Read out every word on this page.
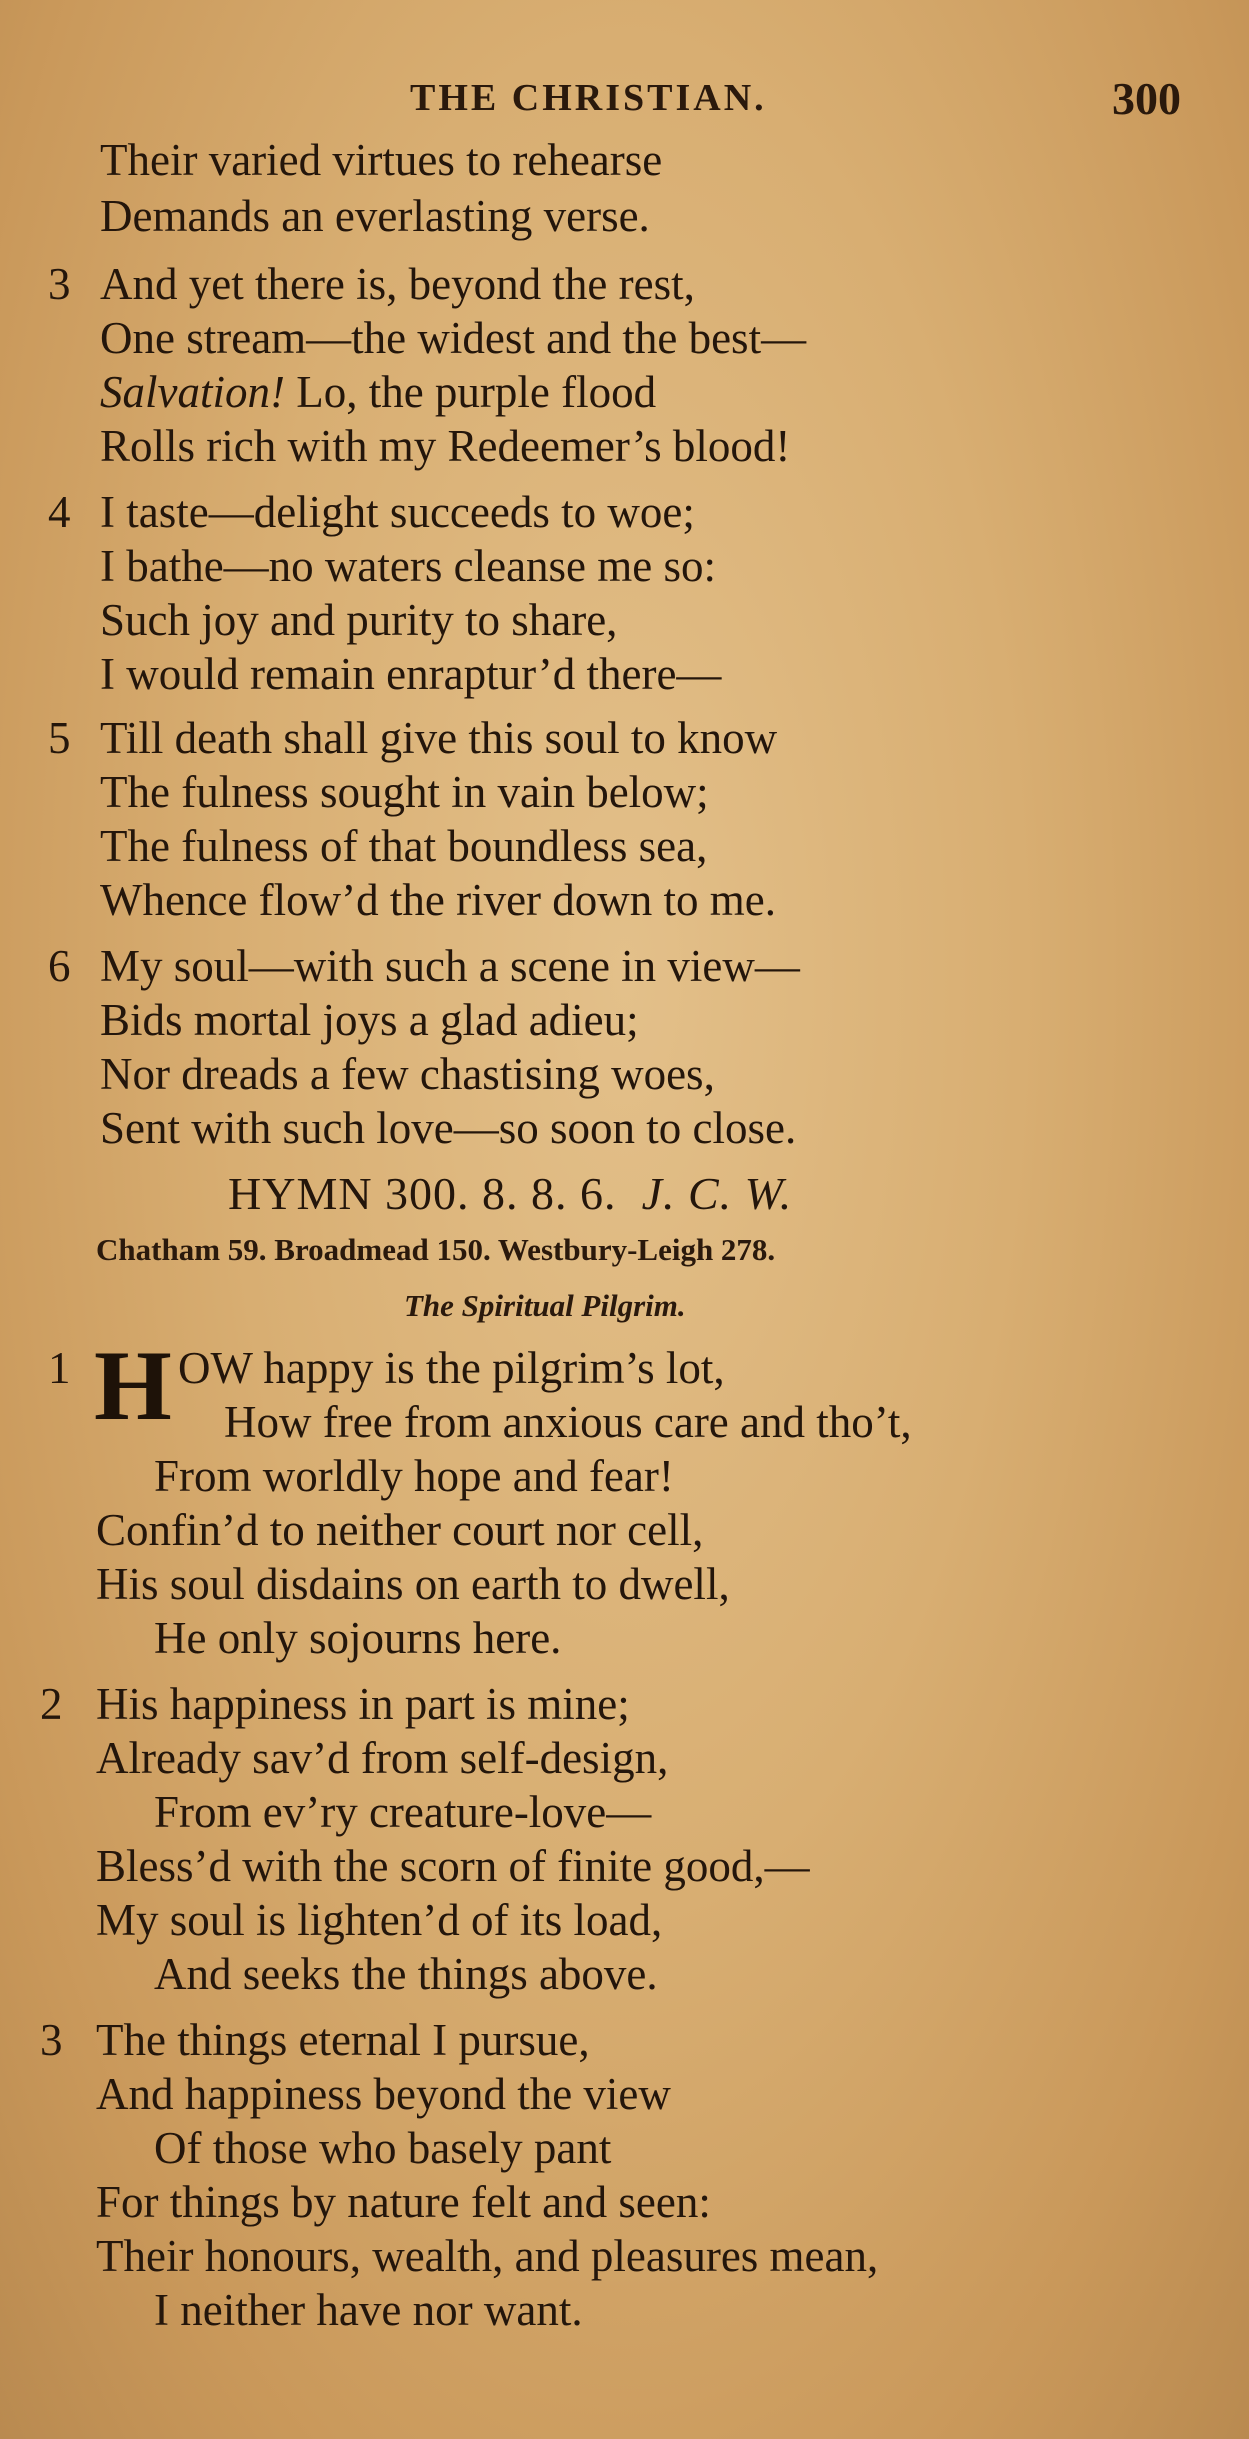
THE CHRISTIAN.	300
Their varied virtues to rehearse
Demands an everlasting verse.
3 And yet there is, beyond the rest,
One stream—the widest and the best—
Salvation! Lo, the purple flood
Rolls rich with my Redeemer’s blood!
4 I taste—delight succeeds to woe;
I bathe—no waters cleanse me so:
Such joy and purity to share,
I would remain enraptur’d there—
5 Till death shall give this soul to know
The fulness sought in vain below;
The fulness of that boundless sea,
Whence flow’d the river down to me.
6 My soul—with such a scene in view—
Bids mortal joys a glad adieu;
Nor dreads a few chastising woes,
Sent with such love—so soon to close.
HYMN 300. 8. 8. 6. J. C. W.
Chatham 59. Broadmead 150. Westbury-Leigh 278.
The Spiritual Pilgrim.
1 H OW happy is the pilgrim’s lot,
How free from anxious care and tho’t,
From worldly hope and fear!
Confin’d to neither court nor cell,
His soul disdains on earth to dwell,
He only sojourns here.
2 His happiness in part is mine;
Already sav’d from self-design,
From ev’ry creature-love—
Bless’d with the scorn of finite good,—
My soul is lighten’d of its load,
And seeks the things above.
3 The things eternal I pursue,
And happiness beyond the view
Of those who basely pant
For things by nature felt and seen:
Their honours, wealth, and pleasures mean,
I neither have nor want.
